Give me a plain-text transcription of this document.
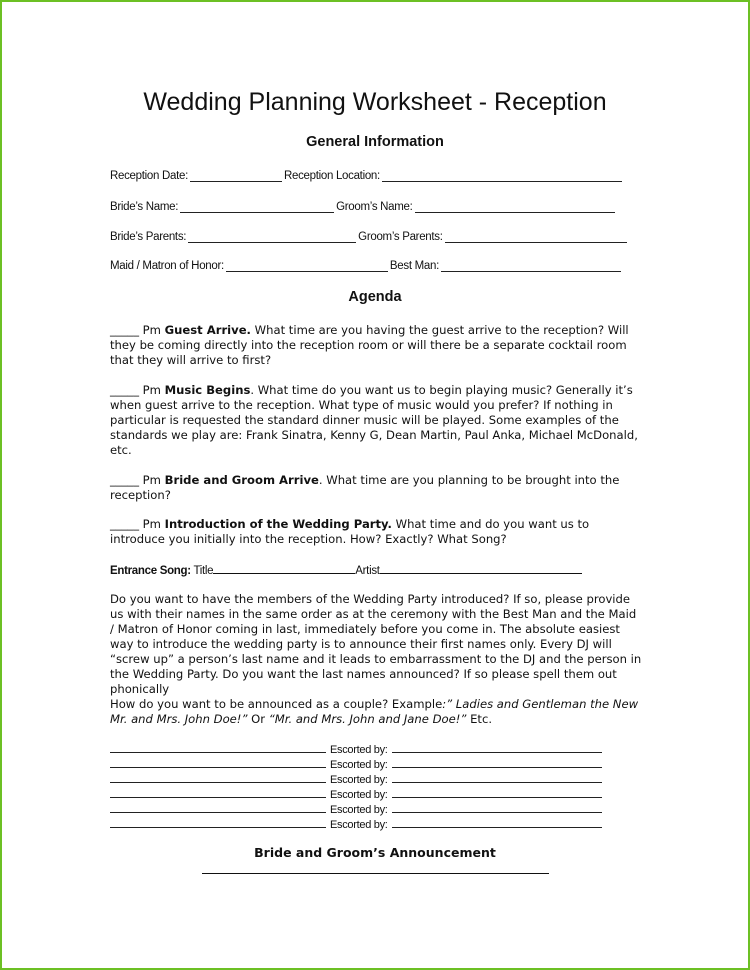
Wedding Planning Worksheet - Reception
General Information
Reception Date:	Reception Location:
Bride’s Name:	Groom’s Name:
Bride’s Parents:	Groom’s Parents:
Maid / Matron of Honor:	Best Man:
Agenda
_____ Pm Guest Arrive. What time are you having the guest arrive to the reception? Will they be coming directly into the reception room or will there be a separate cocktail room that they will arrive to first?
_____ Pm Music Begins. What time do you want us to begin playing music? Generally it’s when guest arrive to the reception. What type of music would you prefer? If nothing in particular is requested the standard dinner music will be played. Some examples of the standards we play are: Frank Sinatra, Kenny G, Dean Martin, Paul Anka, Michael McDonald, etc.
_____ Pm Bride and Groom Arrive. What time are you planning to be brought into the reception?
_____ Pm Introduction of the Wedding Party. What time and do you want us to introduce you initially into the reception. How? Exactly? What Song?
Entrance Song: Title	Artist
Do you want to have the members of the Wedding Party introduced? If so, please provide us with their names in the same order as at the ceremony with the Best Man and the Maid / Matron of Honor coming in last, immediately before you come in. The absolute easiest way to introduce the wedding party is to announce their first names only. Every DJ will “screw up” a person’s last name and it leads to embarrassment to the DJ and the person in the Wedding Party. Do you want the last names announced? If so please spell them out phonically
How do you want to be announced as a couple? Example:” Ladies and Gentleman the New Mr. and Mrs. John Doe!” Or “Mr. and Mrs. John and Jane Doe!” Etc.
Escorted by:
Escorted by:
Escorted by:
Escorted by:
Escorted by:
Escorted by:
Bride and Groom’s Announcement
